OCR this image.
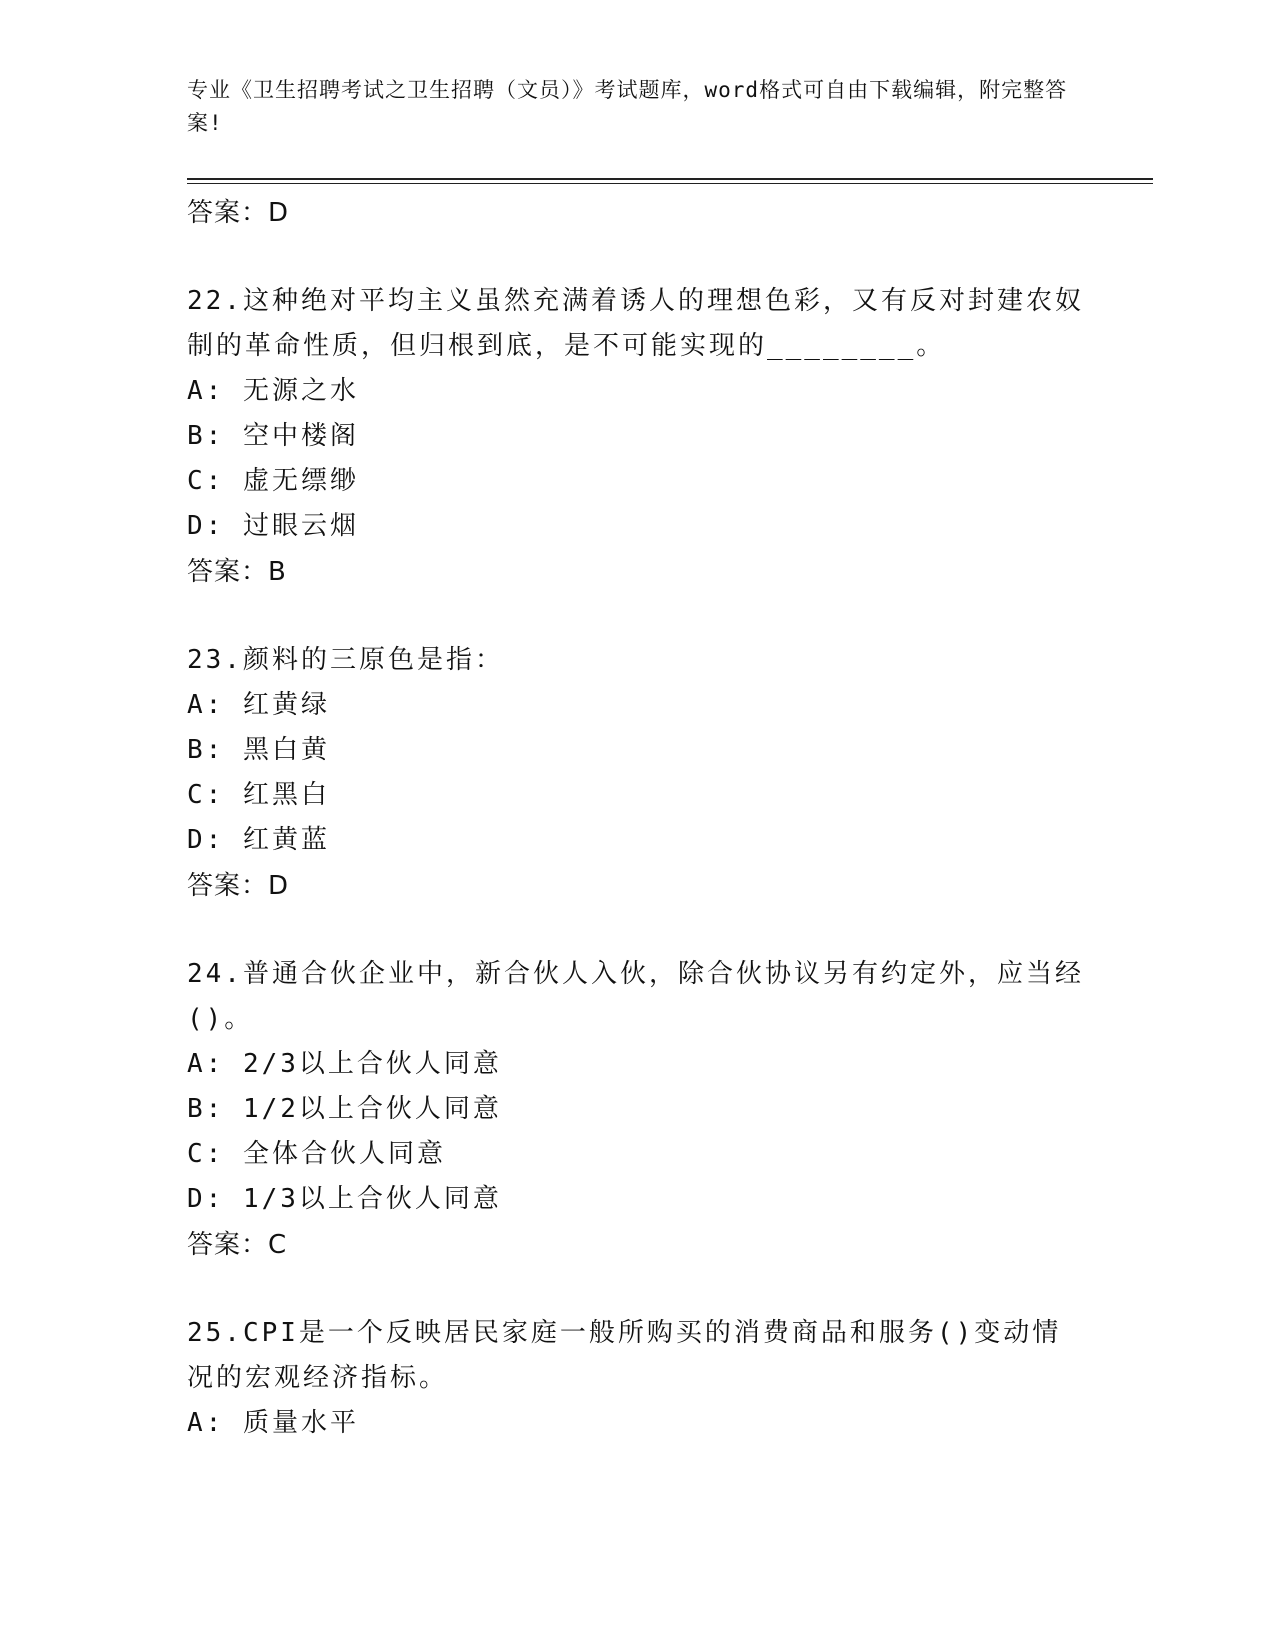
专业《卫生招聘考试之卫生招聘（文员）》考试题库，word格式可自由下载编辑，附完整答案!
答案：D
22.这种绝对平均主义虽然充满着诱人的理想色彩，又有反对封建农奴制的革命性质，但归根到底，是不可能实现的________。
A: 无源之水
B: 空中楼阁
C: 虚无缥缈
D: 过眼云烟
答案：B
23.颜料的三原色是指：
A: 红黄绿
B: 黑白黄
C: 红黑白
D: 红黄蓝
答案：D
24.普通合伙企业中，新合伙人入伙，除合伙协议另有约定外，应当经()。
A: 2/3以上合伙人同意
B: 1/2以上合伙人同意
C: 全体合伙人同意
D: 1/3以上合伙人同意
答案：C
25.CPI是一个反映居民家庭一般所购买的消费商品和服务()变动情况的宏观经济指标。
A: 质量水平
